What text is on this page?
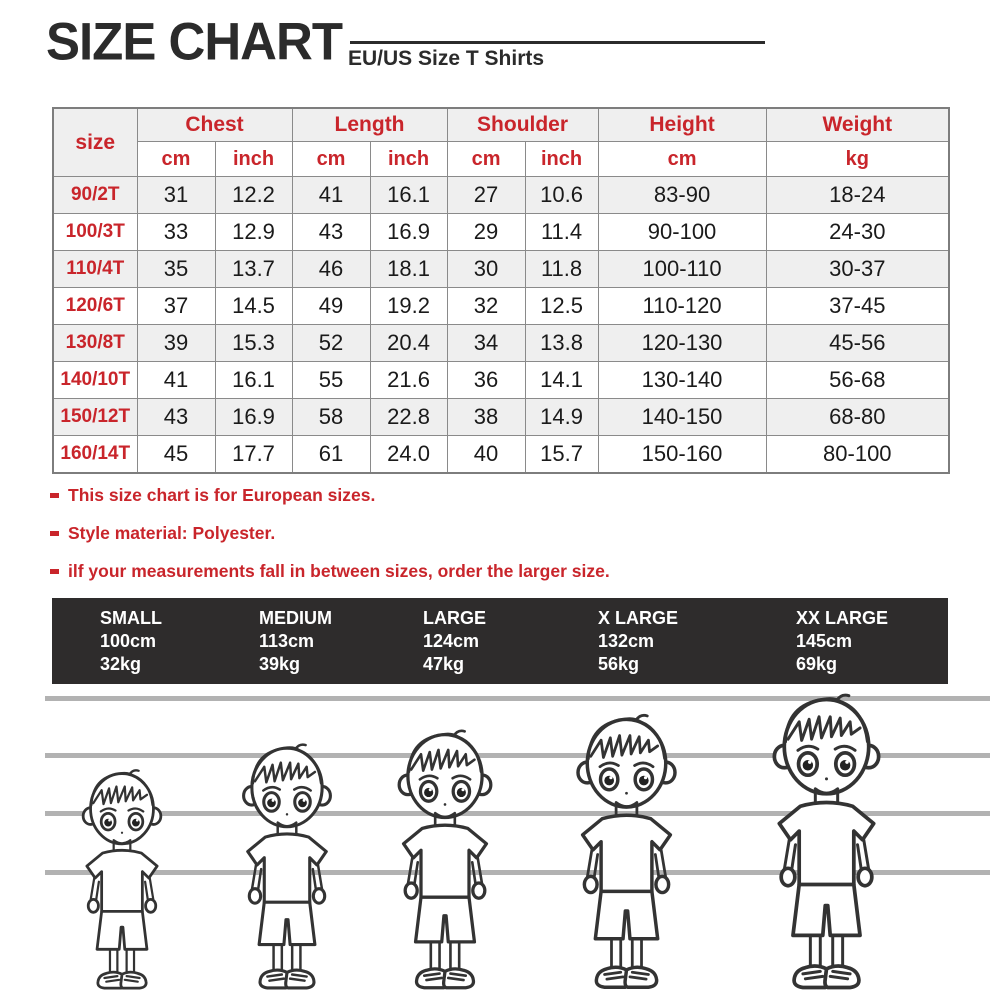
SIZE CHART EU/US Size T Shirts
size	Chest		Length		Shoulder		Height	Weight
	cm	inch	cm	inch	cm	inch	cm	kg
90/2T	31	12.2	41	16.1	27	10.6	83-90	18-24
100/3T	33	12.9	43	16.9	29	11.4	90-100	24-30
110/4T	35	13.7	46	18.1	30	11.8	100-110	30-37
120/6T	37	14.5	49	19.2	32	12.5	110-120	37-45
130/8T	39	15.3	52	20.4	34	13.8	120-130	45-56
140/10T	41	16.1	55	21.6	36	14.1	130-140	56-68
150/12T	43	16.9	58	22.8	38	14.9	140-150	68-80
160/14T	45	17.7	61	24.0	40	15.7	150-160	80-100
This size chart is for European sizes.
Style material: Polyester.
ilf your measurements fall in between sizes, order the larger size.
SMALL
100cm
32kg
MEDIUM
113cm
39kg
LARGE
124cm
47kg
X LARGE
132cm
56kg
XX LARGE
145cm
69kg
